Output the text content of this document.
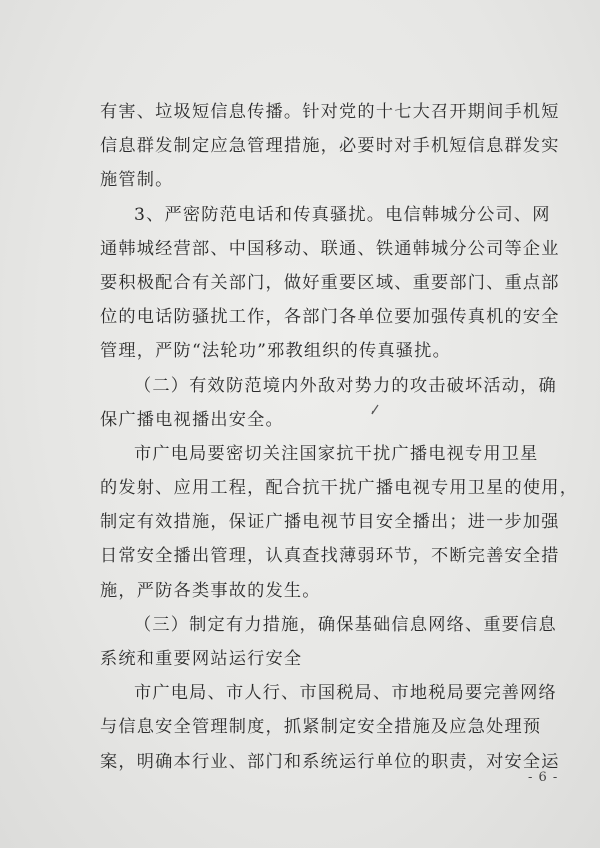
有害、垃圾短信息传播。针对党的十七大召开期间手机短
信息群发制定应急管理措施，必要时对手机短信息群发实
施管制。
3、严密防范电话和传真骚扰。电信韩城分公司、网
通韩城经营部、中国移动、联通、铁通韩城分公司等企业
要积极配合有关部门，做好重要区域、重要部门、重点部
位的电话防骚扰工作，各部门各单位要加强传真机的安全
管理，严防“法轮功”邪教组织的传真骚扰。
（二）有效防范境内外敌对势力的攻击破坏活动，确
保广播电视播出安全。
市广电局要密切关注国家抗干扰广播电视专用卫星
的发射、应用工程，配合抗干扰广播电视专用卫星的使用，
制定有效措施，保证广播电视节目安全播出；进一步加强
日常安全播出管理，认真查找薄弱环节，不断完善安全措
施，严防各类事故的发生。
（三）制定有力措施，确保基础信息网络、重要信息
系统和重要网站运行安全
市广电局、市人行、市国税局、市地税局要完善网络
与信息安全管理制度，抓紧制定安全措施及应急处理预
案，明确本行业、部门和系统运行单位的职责，对安全运
- 6 -
